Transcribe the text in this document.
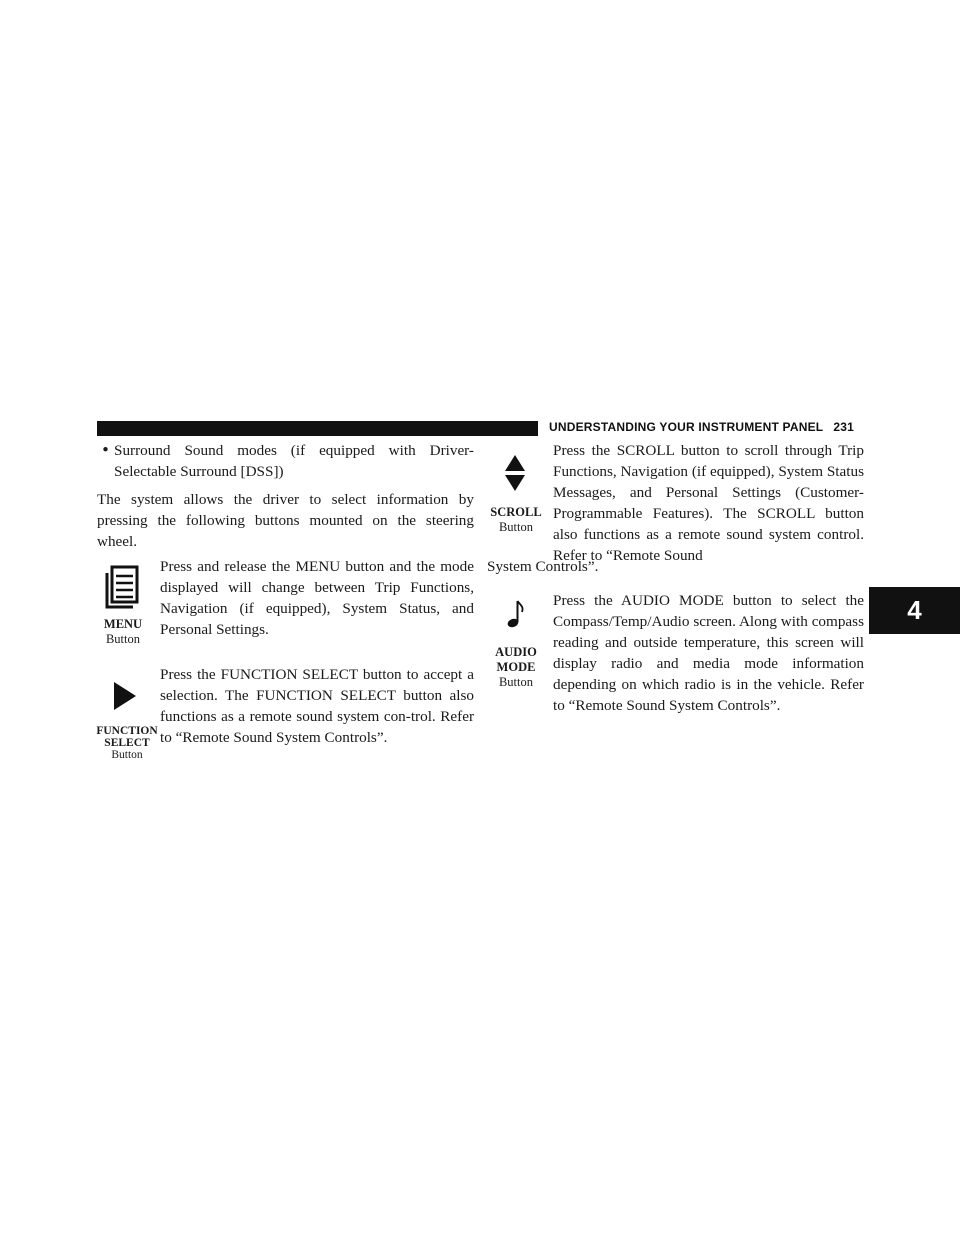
UNDERSTANDING YOUR INSTRUMENT PANEL 231
4
• Surround Sound modes (if equipped with Driver-Selectable Surround [DSS])

The system allows the driver to select information by pressing the following buttons mounted on the steering wheel.

MENU
Button

Press and release the MENU button and the mode displayed will change between Trip Functions, Navigation (if equipped), System Status, and Personal Settings.

FUNCTION
SELECT
Button

Press the FUNCTION SELECT button to accept a selection. The FUNCTION SELECT button also functions as a remote sound system con-trol. Refer to “Remote Sound System Controls”.

SCROLL
Button

Press the SCROLL button to scroll through Trip Functions, Navigation (if equipped), System Status Messages, and Personal Settings (Customer-Programmable Features). The SCROLL button also functions as a remote sound system control. Refer to “Remote Sound

System Controls”.

AUDIO
MODE
Button

Press the AUDIO MODE button to select the Compass/Temp/Audio screen. Along with compass reading and outside temperature, this screen will display radio and media mode information depending on which radio is in the vehicle. Refer to “Remote Sound System Controls”.
